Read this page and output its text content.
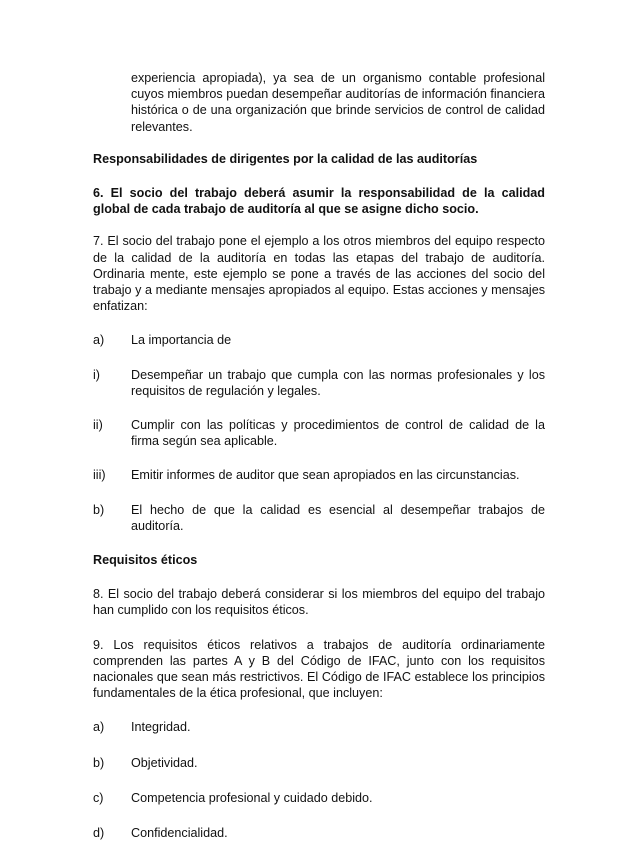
experiencia apropiada), ya sea de un organismo contable profesional cuyos miembros puedan desempeñar auditorías de información financiera histórica o de una organización que brinde servicios de control de calidad relevantes.

Responsabilidades de dirigentes por la calidad de las auditorías

6. El socio del trabajo deberá asumir la responsabilidad de la calidad global de cada trabajo de auditoría al que se asigne dicho socio.

7. El socio del trabajo pone el ejemplo a los otros miembros del equipo respecto de la calidad de la auditoría en todas las etapas del trabajo de auditoría. Ordinaria mente, este ejemplo se pone a través de las acciones del socio del trabajo y a mediante mensajes apropiados al equipo. Estas acciones y mensajes enfatizan:

a)	La importancia de
i)	Desempeñar un trabajo que cumpla con las normas profesionales y los requisitos de regulación y legales.
ii)	Cumplir con las políticas y procedimientos de control de calidad de la firma según sea aplicable.
iii)	Emitir informes de auditor que sean apropiados en las circunstancias.
b)	El hecho de que la calidad es esencial al desempeñar trabajos de auditoría.

Requisitos éticos

8. El socio del trabajo deberá considerar si los miembros del equipo del trabajo han cumplido con los requisitos éticos.

9. Los requisitos éticos relativos a trabajos de auditoría ordinariamente comprenden las partes A y B del Código de IFAC, junto con los requisitos nacionales que sean más restrictivos. El Código de IFAC establece los principios fundamentales de la ética profesional, que incluyen:

a)	Integridad.
b)	Objetividad.
c)	Competencia profesional y cuidado debido.
d)	Confidencialidad.
